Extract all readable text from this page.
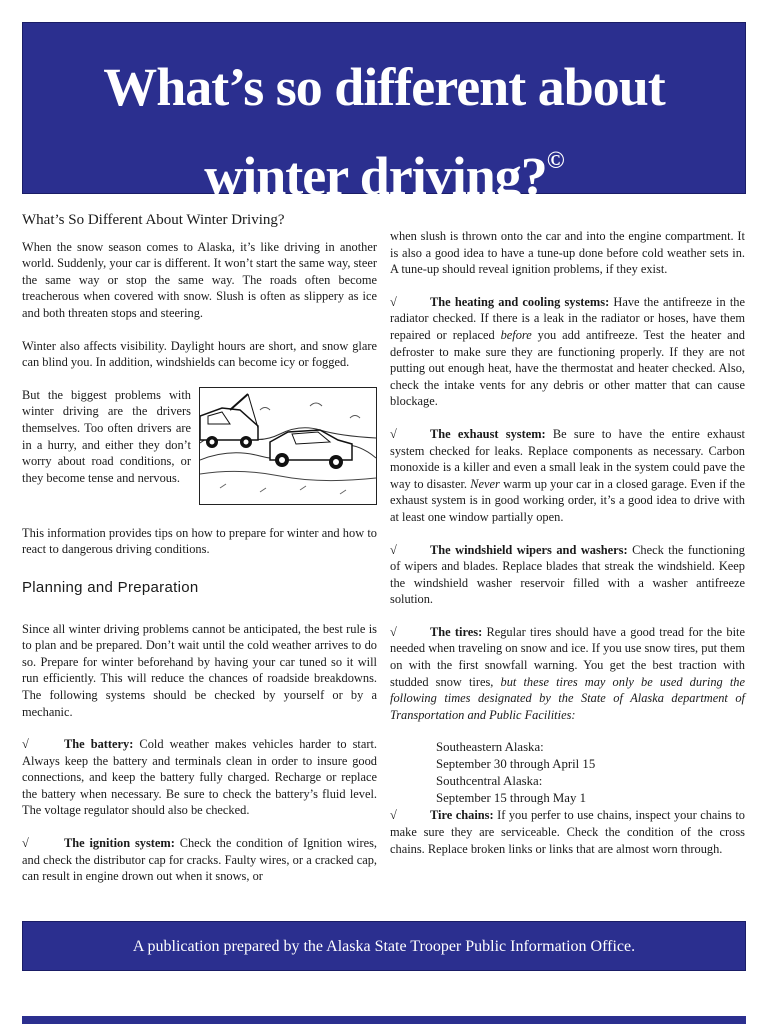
What’s so different about
winter driving?©
What’s So Different About Winter Driving?

When the snow season comes to Alaska, it’s like driving in another world. Suddenly, your car is different. It won’t start the same way, steer the same way or stop the same way. The roads often become treacherous when covered with snow. Slush is often as slippery as ice and both threaten stops and steering.

Winter also affects visibility. Daylight hours are short, and snow glare can blind you. In addition, windshields can become icy or fogged.

But the biggest problems with winter driving are the drivers themselves. Too often drivers are in a hurry, and either they don’t worry about road conditions, or they become tense and nervous.

This information provides tips on how to prepare for winter and how to react to dangerous driving conditions.

Planning and Preparation

Since all winter driving problems cannot be anticipated, the best rule is to plan and be prepared. Don’t wait until the cold weather arrives to do so. Prepare for winter beforehand by having your car tuned so it will run efficiently. This will reduce the chances of roadside breakdowns. The following systems should be checked by yourself or by a mechanic.

√	The battery: Cold weather makes vehicles harder to start. Always keep the battery and terminals clean in order to insure good connections, and keep the battery fully charged. Recharge or replace the battery when necessary. Be sure to check the battery’s fluid level. The voltage regulator should also be checked.

√	The ignition system: Check the condition of Ignition wires, and check the distributor cap for cracks. Faulty wires, or a cracked cap, can result in engine drown out when it snows, or

when slush is thrown onto the car and into the engine compartment. It is also a good idea to have a tune-up done before cold weather sets in. A tune-up should reveal ignition problems, if they exist.

√	The heating and cooling systems: Have the antifreeze in the radiator checked. If there is a leak in the radiator or hoses, have them repaired or replaced before you add antifreeze. Test the heater and defroster to make sure they are functioning properly. If they are not putting out enough heat, have the thermostat and heater checked. Also, check the intake vents for any debris or other matter that can cause blockage.

√	The exhaust system: Be sure to have the entire exhaust system checked for leaks. Replace components as necessary. Carbon monoxide is a killer and even a small leak in the system could pave the way to disaster. Never warm up your car in a closed garage. Even if the exhaust system is in good working order, it’s a good idea to drive with at least one window partially open.

√	The windshield wipers and washers: Check the functioning of wipers and blades. Replace blades that streak the windshield. Keep the windshield washer reservoir filled with a washer antifreeze solution.

√	The tires: Regular tires should have a good tread for the bite needed when traveling on snow and ice. If you use snow tires, put them on with the first snowfall warning. You get the best traction with studded snow tires, but these tires may only be used during the following times designated by the State of Alaska department of Transportation and Public Facilities:

Southeastern Alaska:
September 30 through April 15
Southcentral Alaska:
September 15 through May 1

√	Tire chains: If you perfer to use chains, inspect your chains to make sure they are serviceable. Check the condition of the cross chains. Replace broken links or links that are almost worn through.

A publication prepared by the Alaska State Trooper Public Information Office.
